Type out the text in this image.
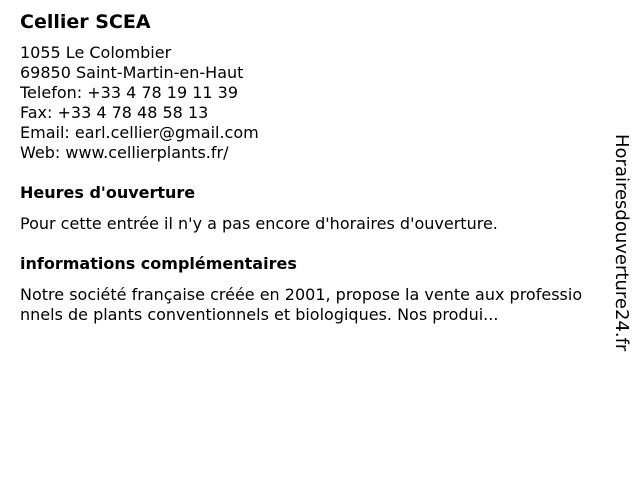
Cellier SCEA
1055 Le Colombier
69850 Saint-Martin-en-Haut
Telefon: +33 4 78 19 11 39
Fax: +33 4 78 48 58 13
Email: earl.cellier@gmail.com
Web: www.cellierplants.fr/
Heures d'ouverture
Pour cette entrée il n'y a pas encore d'horaires d'ouverture.
informations complémentaires
Notre société française créée en 2001, propose la vente aux professionnels de plants conventionnels et biologiques. Nos produi...	Horairesdouverture24.fr
